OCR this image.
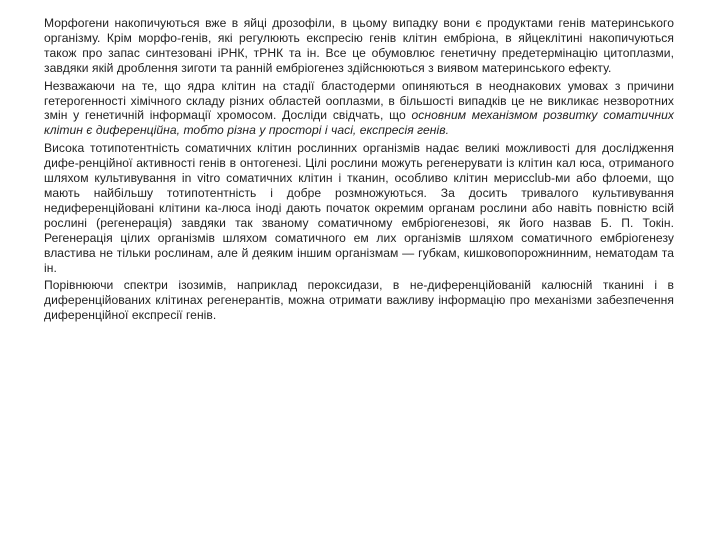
Морфогени накопичуються вже в яйці дрозофіли, в цьому випадку вони є продуктами генів материнського організму. Крім морфо-генів, які регулюють експресію генів клітин ембріона, в яйцеклітині накопичуються також про запас синтезовані іРНК, тРНК та ін. Все це обумовлює генетичну предетермінацію цитоплазми, завдяки якій дроблення зиготи та ранній ембріогенез здійснюються з виявом материнського ефекту.

Незважаючи на те, що ядра клітин на стадії бластодерми опиняються в неоднакових умовах з причини гетерогенності хімічного складу різних областей ооплазми, в більшості випадків це не викликає незворотних змін у генетичній інформації хромосом. Досліди свідчать, що основним механізмом розвитку соматичних клітин є диференційна, тобто різна у просторі і часі, експресія генів.

Висока тотипотентність соматичних клітин рослинних організмів надає великі можливості для дослідження дифе-ренційної активності генів в онтогенезі. Цілі рослини можуть регенерувати із клітин кал юса, отриманого шляхом культивування in vitro соматичних клітин і тканин, особливо клітин мерисclub-ми або флоеми, що мають найбільшу тотипотентність і добре розмножуються. За досить тривалого культивування недиференційовані клітини ка-люса іноді дають початок окремим органам рослини або навіть повністю всій рослині (регенерація) завдяки так званому соматичному ембріогенезові, як його назвав Б. П. Токін. Регенерація цілих організмів шляхом соматичного ем лих організмів шляхом соматичного ембріогенезу властива не тільки рослинам, але й деяким іншим організмам — губкам, кишковопорожнинним, нематодам та ін.

Порівнюючи спектри ізозимів, наприклад пероксидази, в не-диференційованій калюсній тканині і в диференційованих клітинах регенерантів, можна отримати важливу інформацію про механізми забезпечення диференційної експресії генів.
